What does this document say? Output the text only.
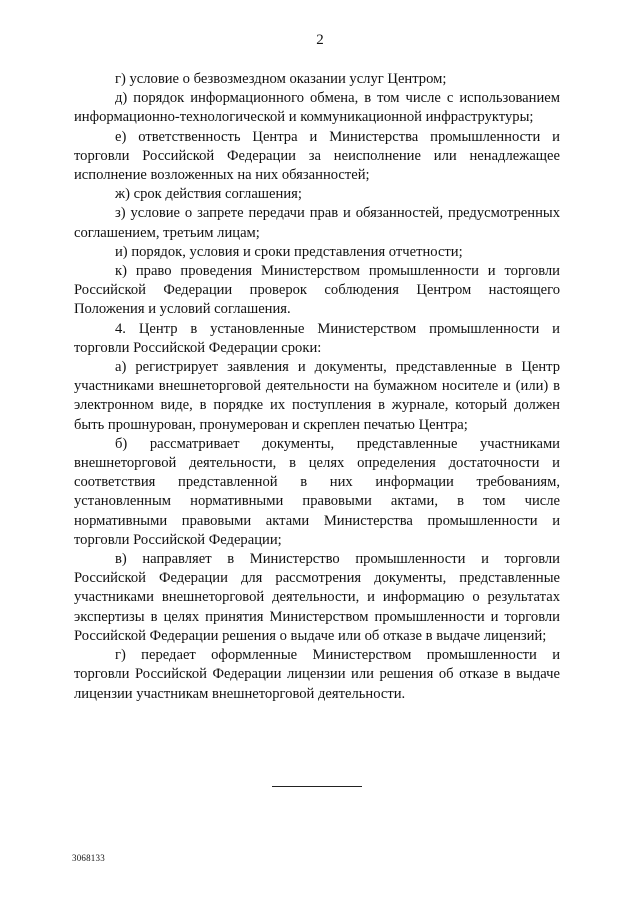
2

г) условие о безвозмездном оказании услуг Центром;

д) порядок информационного обмена, в том числе с использованием информационно-технологической и коммуникационной инфраструктуры;

е) ответственность Центра и Министерства промышленности и торговли Российской Федерации за неисполнение или ненадлежащее исполнение возложенных на них обязанностей;

ж) срок действия соглашения;

з) условие о запрете передачи прав и обязанностей, предусмотренных соглашением, третьим лицам;

и) порядок, условия и сроки представления отчетности;

к) право проведения Министерством промышленности и торговли Российской Федерации проверок соблюдения Центром настоящего Положения и условий соглашения.

4. Центр в установленные Министерством промышленности и торговли Российской Федерации сроки:

а) регистрирует заявления и документы, представленные в Центр участниками внешнеторговой деятельности на бумажном носителе и (или) в электронном виде, в порядке их поступления в журнале, который должен быть прошнурован, пронумерован и скреплен печатью Центра;

б) рассматривает документы, представленные участниками внешнеторговой деятельности, в целях определения достаточности и соответствия представленной в них информации требованиям, установленным нормативными правовыми актами, в том числе нормативными правовыми актами Министерства промышленности и торговли Российской Федерации;

в) направляет в Министерство промышленности и торговли Российской Федерации для рассмотрения документы, представленные участниками внешнеторговой деятельности, и информацию о результатах экспертизы в целях принятия Министерством промышленности и торговли Российской Федерации решения о выдаче или об отказе в выдаче лицензий;

г) передает оформленные Министерством промышленности и торговли Российской Федерации лицензии или решения об отказе в выдаче лицензии участникам внешнеторговой деятельности.

3068133
